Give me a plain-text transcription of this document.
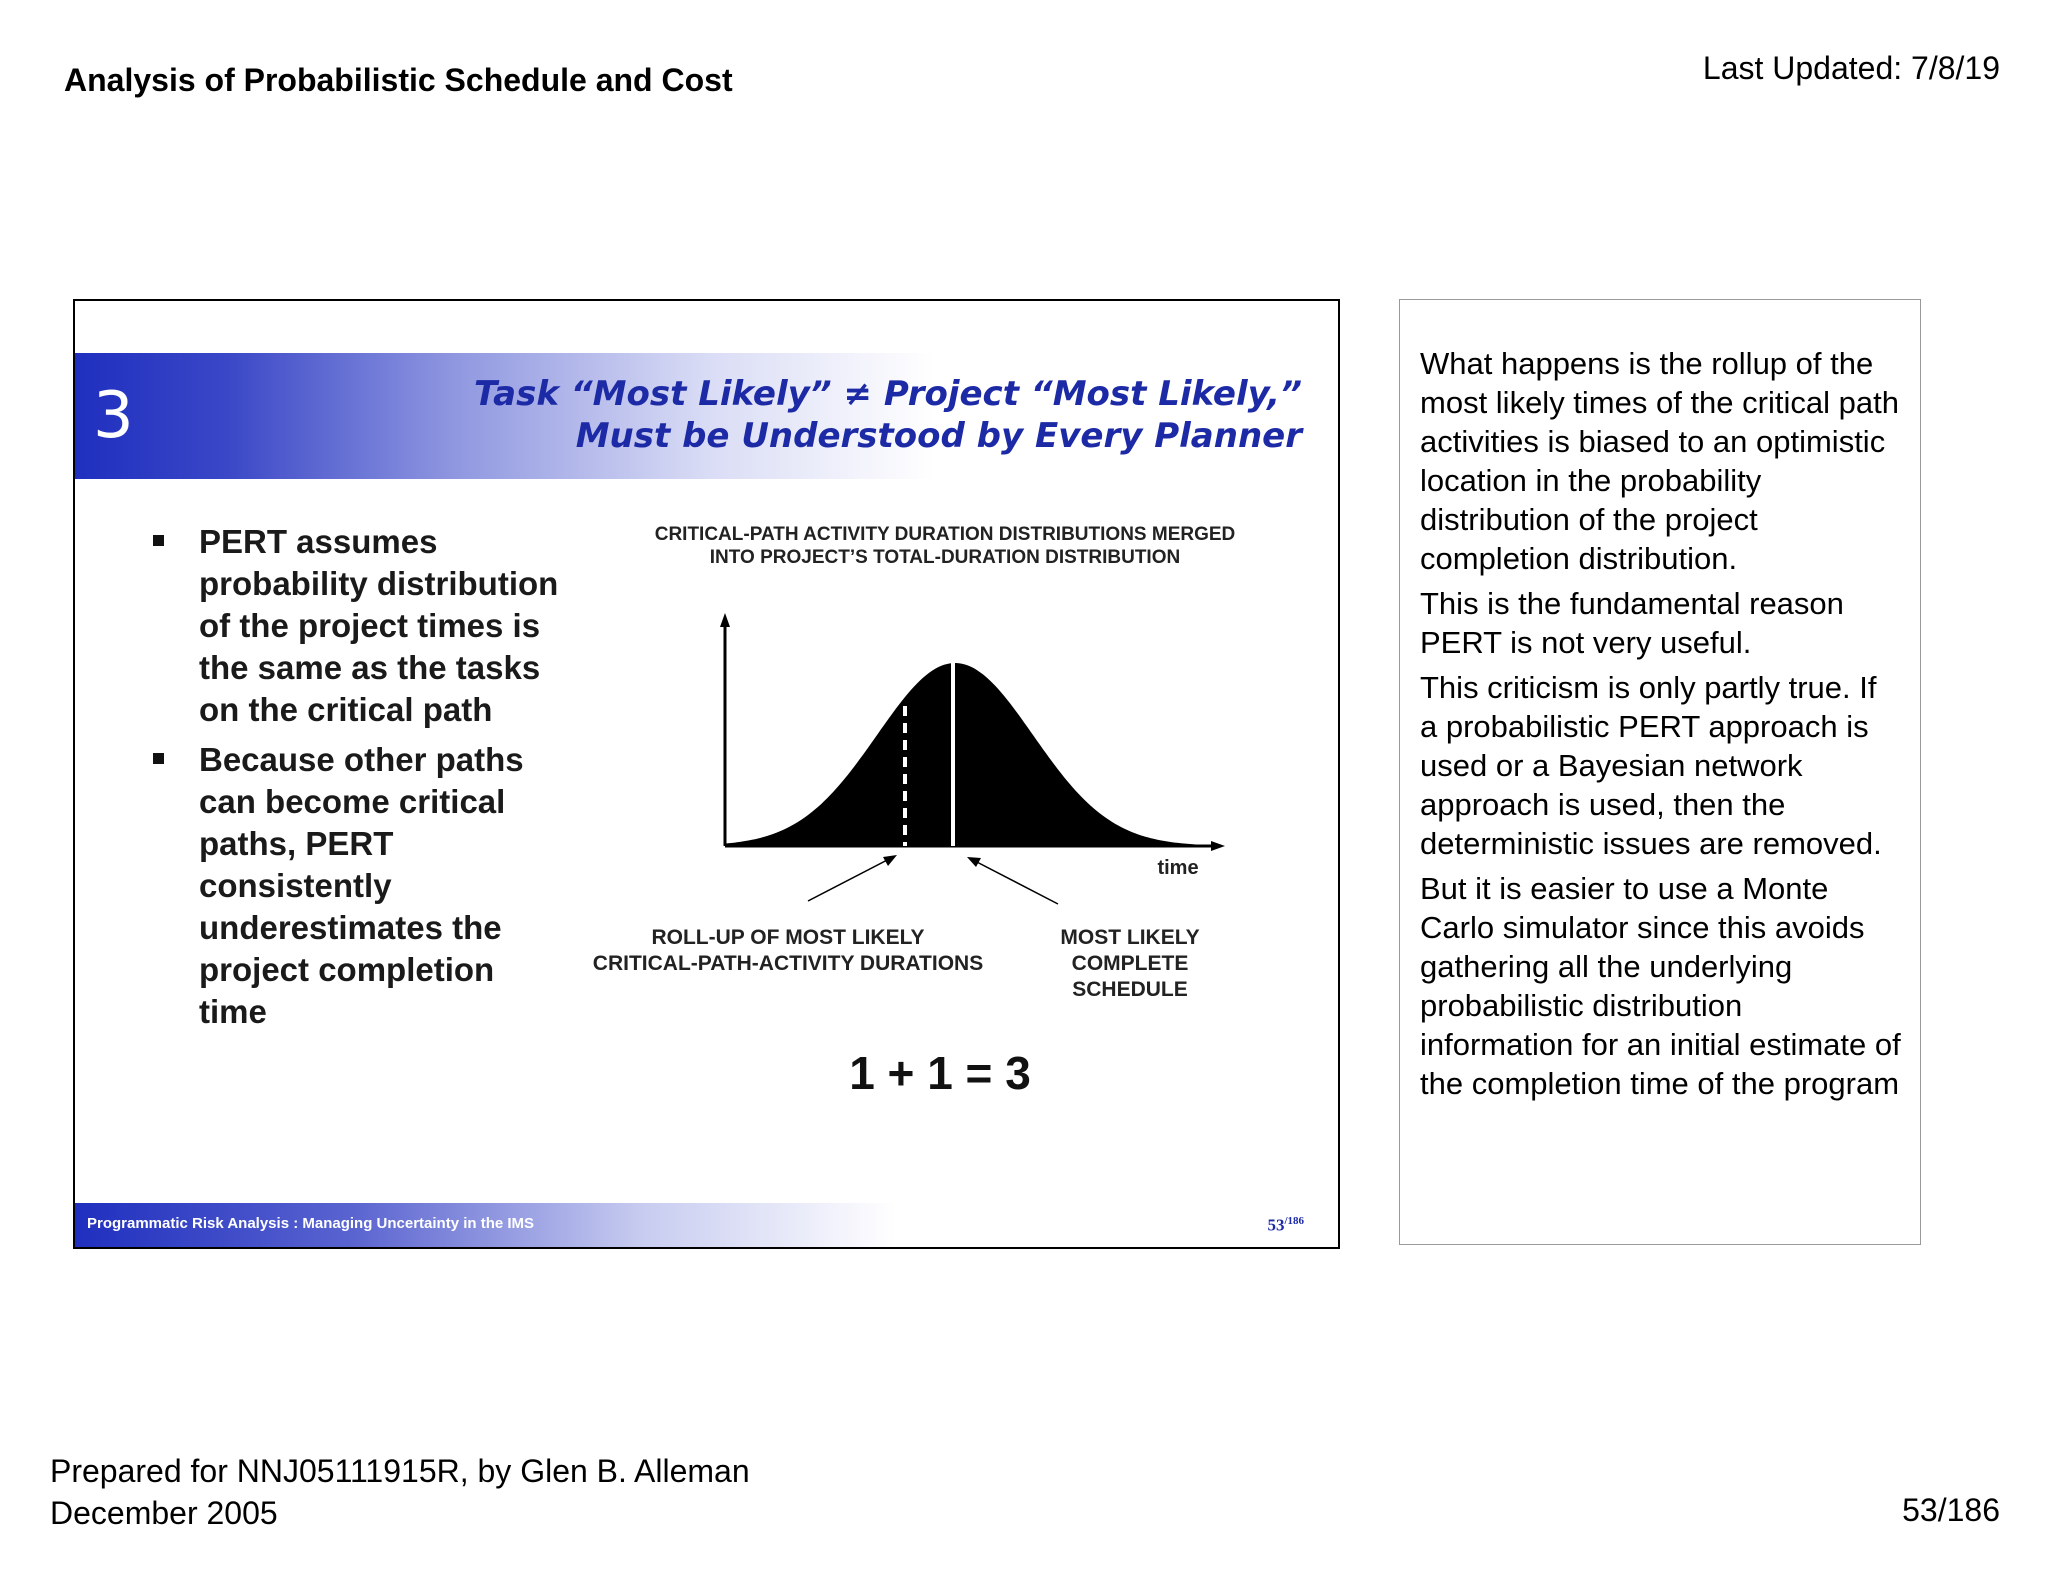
Analysis of Probabilistic Schedule and Cost	Last Updated: 7/8/19
3	Task “Most Likely” ≠ Project “Most Likely,”
Must be Understood by Every Planner
PERT assumes probability distribution of the project times is the same as the tasks on the critical path
Because other paths can become critical paths, PERT consistently underestimates the project completion time
CRITICAL-PATH ACTIVITY DURATION DISTRIBUTIONS MERGED
INTO PROJECT’S TOTAL-DURATION DISTRIBUTION
time
ROLL-UP OF MOST LIKELY
CRITICAL-PATH-ACTIVITY DURATIONS
MOST LIKELY
COMPLETE
SCHEDULE
1 + 1 = 3
Programmatic Risk Analysis : Managing Uncertainty in the IMS	$53^{/186}$

What happens is the rollup of the most likely times of the critical path activities is biased to an optimistic location in the probability distribution of the project completion distribution.

This is the fundamental reason PERT is not very useful.

This criticism is only partly true. If a probabilistic PERT approach is used or a Bayesian network approach is used, then the deterministic issues are removed.

But it is easier to use a Monte Carlo simulator since this avoids gathering all the underlying probabilistic distribution information for an initial estimate of the completion time of the program

Prepared for NNJ05111915R, by Glen B. Alleman
December 2005	53/186
